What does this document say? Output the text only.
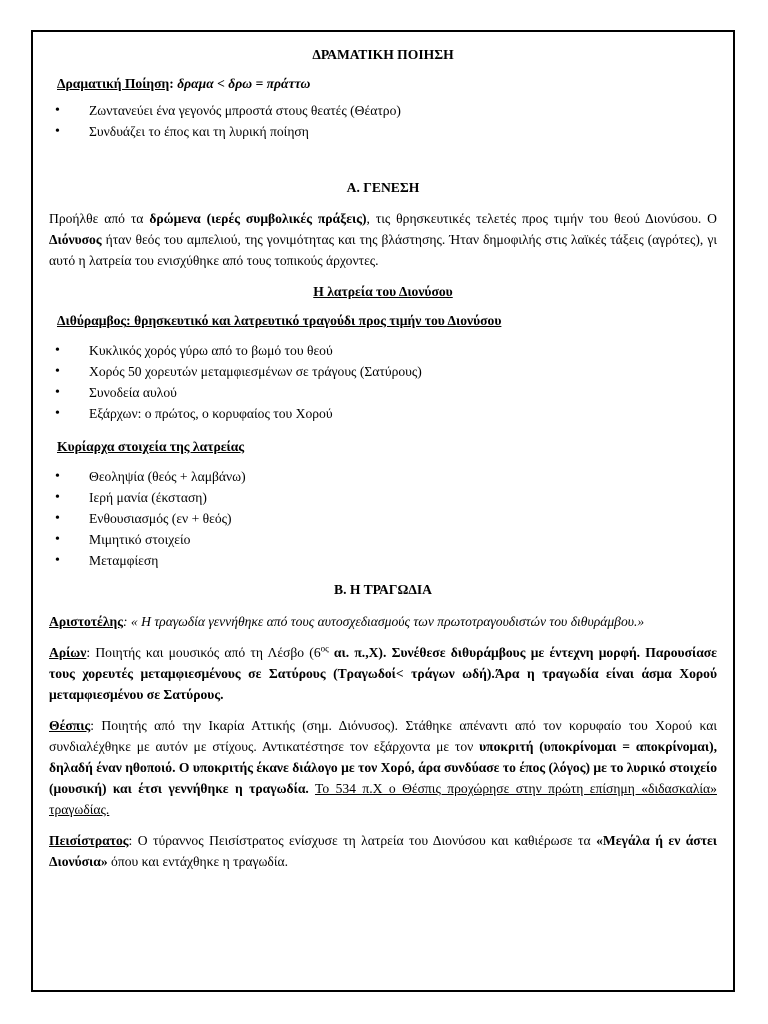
ΔΡΑΜΑΤΙΚΗ ΠΟΙΗΣΗ

Δραματική Ποίηση: δραμα < δρω = πράττω

• Ζωντανεύει ένα γεγονός μπροστά στους θεατές (Θέατρο)
• Συνδυάζει το έπος και τη λυρική ποίηση

Α. ΓΕΝΕΣΗ

Προήλθε από τα δρώμενα (ιερές συμβολικές πράξεις), τις θρησκευτικές τελετές προς τιμήν του θεού Διονύσου. Ο Διόνυσος ήταν θεός του αμπελιού, της γονιμότητας και της βλάστησης. Ήταν δημοφιλής στις λαϊκές τάξεις (αγρότες), γι αυτό η λατρεία του ενισχύθηκε από τους τοπικούς άρχοντες.

Η λατρεία του Διονύσου

Διθύραμβος: θρησκευτικό και λατρευτικό τραγούδι προς τιμήν του Διονύσου

• Κυκλικός χορός γύρω από το βωμό του θεού
• Χορός 50 χορευτών μεταμφιεσμένων σε τράγους (Σατύρους)
• Συνοδεία αυλού
• Εξάρχων: ο πρώτος, ο κορυφαίος του Χορού

Κυρίαρχα στοιχεία της λατρείας

• Θεοληψία (θεός + λαμβάνω)
• Ιερή μανία (έκσταση)
• Ενθουσιασμός (εν + θεός)
• Μιμητικό στοιχείο
• Μεταμφίεση

Β. Η ΤΡΑΓΩΔΙΑ

Αριστοτέλης: « Η τραγωδία γεννήθηκε από τους αυτοσχεδιασμούς των πρωτοτραγουδιστών του διθυράμβου.»

Αρίων: Ποιητής και μουσικός από τη Λέσβο ($6^{o\varsigma}$ αι. π.,Χ). Συνέθεσε διθυράμβους με έντεχνη μορφή. Παρουσίασε τους χορευτές μεταμφιεσμένους σε Σατύρους (Τραγωδοί< τράγων ωδή).Άρα η τραγωδία είναι άσμα Χορού μεταμφιεσμένου σε Σατύρους.

Θέσπις: Ποιητής από την Ικαρία Αττικής (σημ. Διόνυσος). Στάθηκε απέναντι από τον κορυφαίο του Χορού και συνδιαλέχθηκε με αυτόν με στίχους. Αντικατέστησε τον εξάρχοντα με τον υποκριτή (υποκρίνομαι = αποκρίνομαι), δηλαδή έναν ηθοποιό. Ο υποκριτής έκανε διάλογο με τον Χορό, άρα συνδύασε το έπος (λόγος) με το λυρικό στοιχείο (μουσική) και έτσι γεννήθηκε η τραγωδία. Το 534 π.Χ ο Θέσπις προχώρησε στην πρώτη επίσημη «διδασκαλία» τραγωδίας.

Πεισίστρατος: Ο τύραννος Πεισίστρατος ενίσχυσε τη λατρεία του Διονύσου και καθιέρωσε τα «Μεγάλα ή εν άστει Διονύσια» όπου και εντάχθηκε η τραγωδία.
